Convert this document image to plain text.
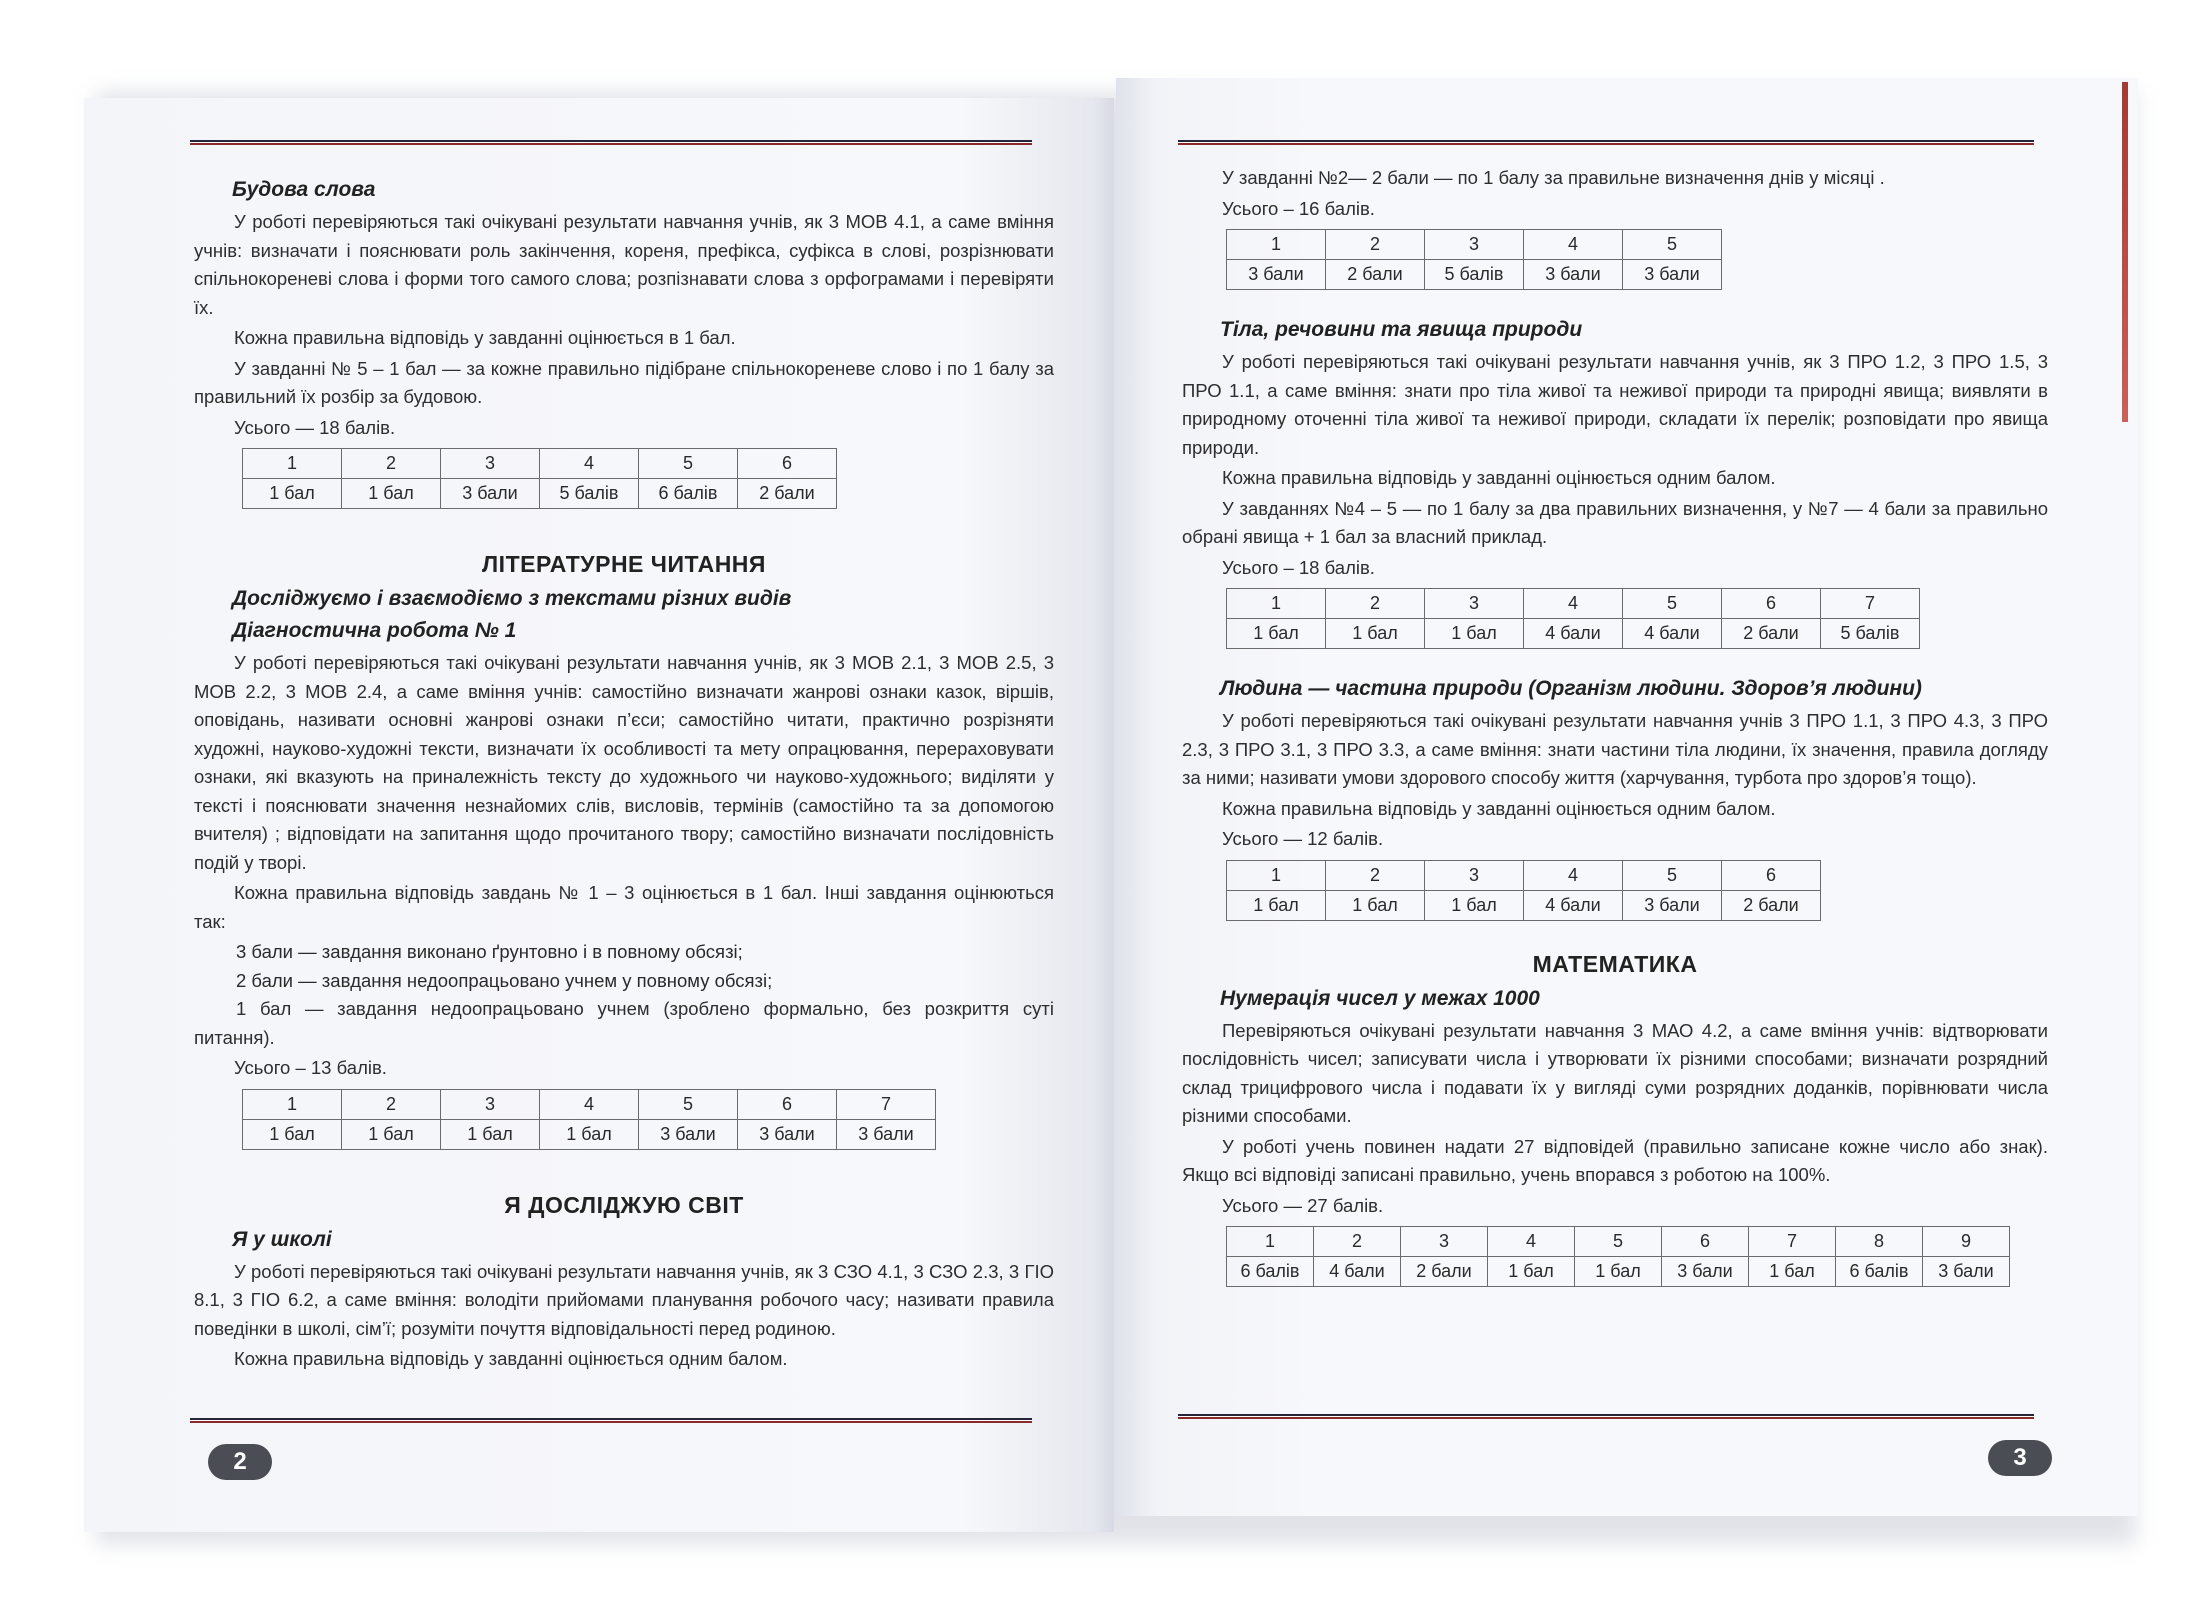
Будова слова

У роботі перевіряються такі очікувані результати навчання учнів, як 3 МОВ 4.1, а саме вміння учнів: визначати і пояснювати роль закінчення, кореня, префікса, суфікса в слові, розрізнювати спільнокореневі слова і форми того самого слова; розпізнавати слова з орфограмами і перевіряти їх.

Кожна правильна відповідь у завданні оцінюється в 1 бал.

У завданні № 5 – 1 бал — за кожне правильно підібране спільнокореневе слово і по 1 балу за правильний їх розбір за будовою.

Усього — 18 балів.

1	2	3	4	5	6
1 бал	1 бал	3 бали	5 балів	6 балів	2 бали
ЛІТЕРАТУРНЕ ЧИТАННЯ
Досліджуємо і взаємодіємо з текстами різних видів
Діагностична робота № 1

У роботі перевіряються такі очікувані результати навчання учнів, як 3 МОВ 2.1, 3 МОВ 2.5, 3 МОВ 2.2, 3 МОВ 2.4, а саме вміння учнів: самостійно визначати жанрові ознаки казок, віршів, оповідань, називати основні жанрові ознаки п’єси; самостійно читати, практично розрізняти художні, науково-художні тексти, визначати їх особливості та мету опрацювання, перераховувати ознаки, які вказують на приналежність тексту до художнього чи науково-художнього; виділяти у тексті і пояснювати значення незнайомих слів, висловів, термінів (самостійно та за допомогою вчителя) ; відповідати на запитання щодо прочитаного твору; самостійно визначати послідовність подій у творі.

Кожна правильна відповідь завдань № 1 – 3 оцінюється в 1 бал. Інші завдання оцінюються так:

3 бали — завдання виконано ґрунтовно і в повному обсязі;

2 бали — завдання недоопрацьовано учнем у повному обсязі;

1 бал — завдання недоопрацьовано учнем (зроблено формально, без розкриття суті питання).

Усього – 13 балів.

1	2	3	4	5	6	7
1 бал	1 бал	1 бал	1 бал	3 бали	3 бали	3 бали
Я ДОСЛІДЖУЮ СВІТ
Я у школі

У роботі перевіряються такі очікувані результати навчання учнів, як 3 СЗО 4.1, 3 СЗО 2.3, 3 ГІО 8.1, 3 ГІО 6.2, а саме вміння: володіти прийомами планування робочого часу; називати правила поведінки в школі, сім’ї; розуміти почуття відповідальності перед родиною.

Кожна правильна відповідь у завданні оцінюється одним балом.

2

У завданні №2— 2 бали — по 1 балу за правильне визначення днів у місяці .

Усього – 16 балів.

1	2	3	4	5
3 бали	2 бали	5 балів	3 бали	3 бали
Тіла, речовини та явища природи

У роботі перевіряються такі очікувані результати навчання учнів, як 3 ПРО 1.2, 3 ПРО 1.5, 3 ПРО 1.1, а саме вміння: знати про тіла живої та неживої природи та природні явища; виявляти в природному оточенні тіла живої та неживої природи, складати їх перелік; розповідати про явища природи.

Кожна правильна відповідь у завданні оцінюється одним балом.

У завданнях №4 – 5 — по 1 балу за два правильних визначення, у №7 — 4 бали за правильно обрані явища + 1 бал за власний приклад.

Усього – 18 балів.

1	2	3	4	5	6	7
1 бал	1 бал	1 бал	4 бали	4 бали	2 бали	5 балів
Людина — частина природи (Організм людини. Здоров’я людини)

У роботі перевіряються такі очікувані результати навчання учнів 3 ПРО 1.1, 3 ПРО 4.3, 3 ПРО 2.3, 3 ПРО 3.1, 3 ПРО 3.3, а саме вміння: знати частини тіла людини, їх значення, правила догляду за ними; називати умови здорового способу життя (харчування, турбота про здоров’я тощо).

Кожна правильна відповідь у завданні оцінюється одним балом.

Усього — 12 балів.

1	2	3	4	5	6
1 бал	1 бал	1 бал	4 бали	3 бали	2 бали
МАТЕМАТИКА
Нумерація чисел у межах 1000

Перевіряються очікувані результати навчання 3 МАО 4.2, а саме вміння учнів: відтворювати послідовність чисел; записувати числа і утворювати їх різними способами; визначати розрядний склад трицифрового числа і подавати їх у вигляді суми розрядних доданків, порівнювати числа різними способами.

У роботі учень повинен надати 27 відповідей (правильно записане кожне число або знак). Якщо всі відповіді записані правильно, учень впорався з роботою на 100%.

Усього — 27 балів.

1	2	3	4	5	6	7	8	9
6 балів	4 бали	2 бали	1 бал	1 бал	3 бали	1 бал	6 балів	3 бали
3
